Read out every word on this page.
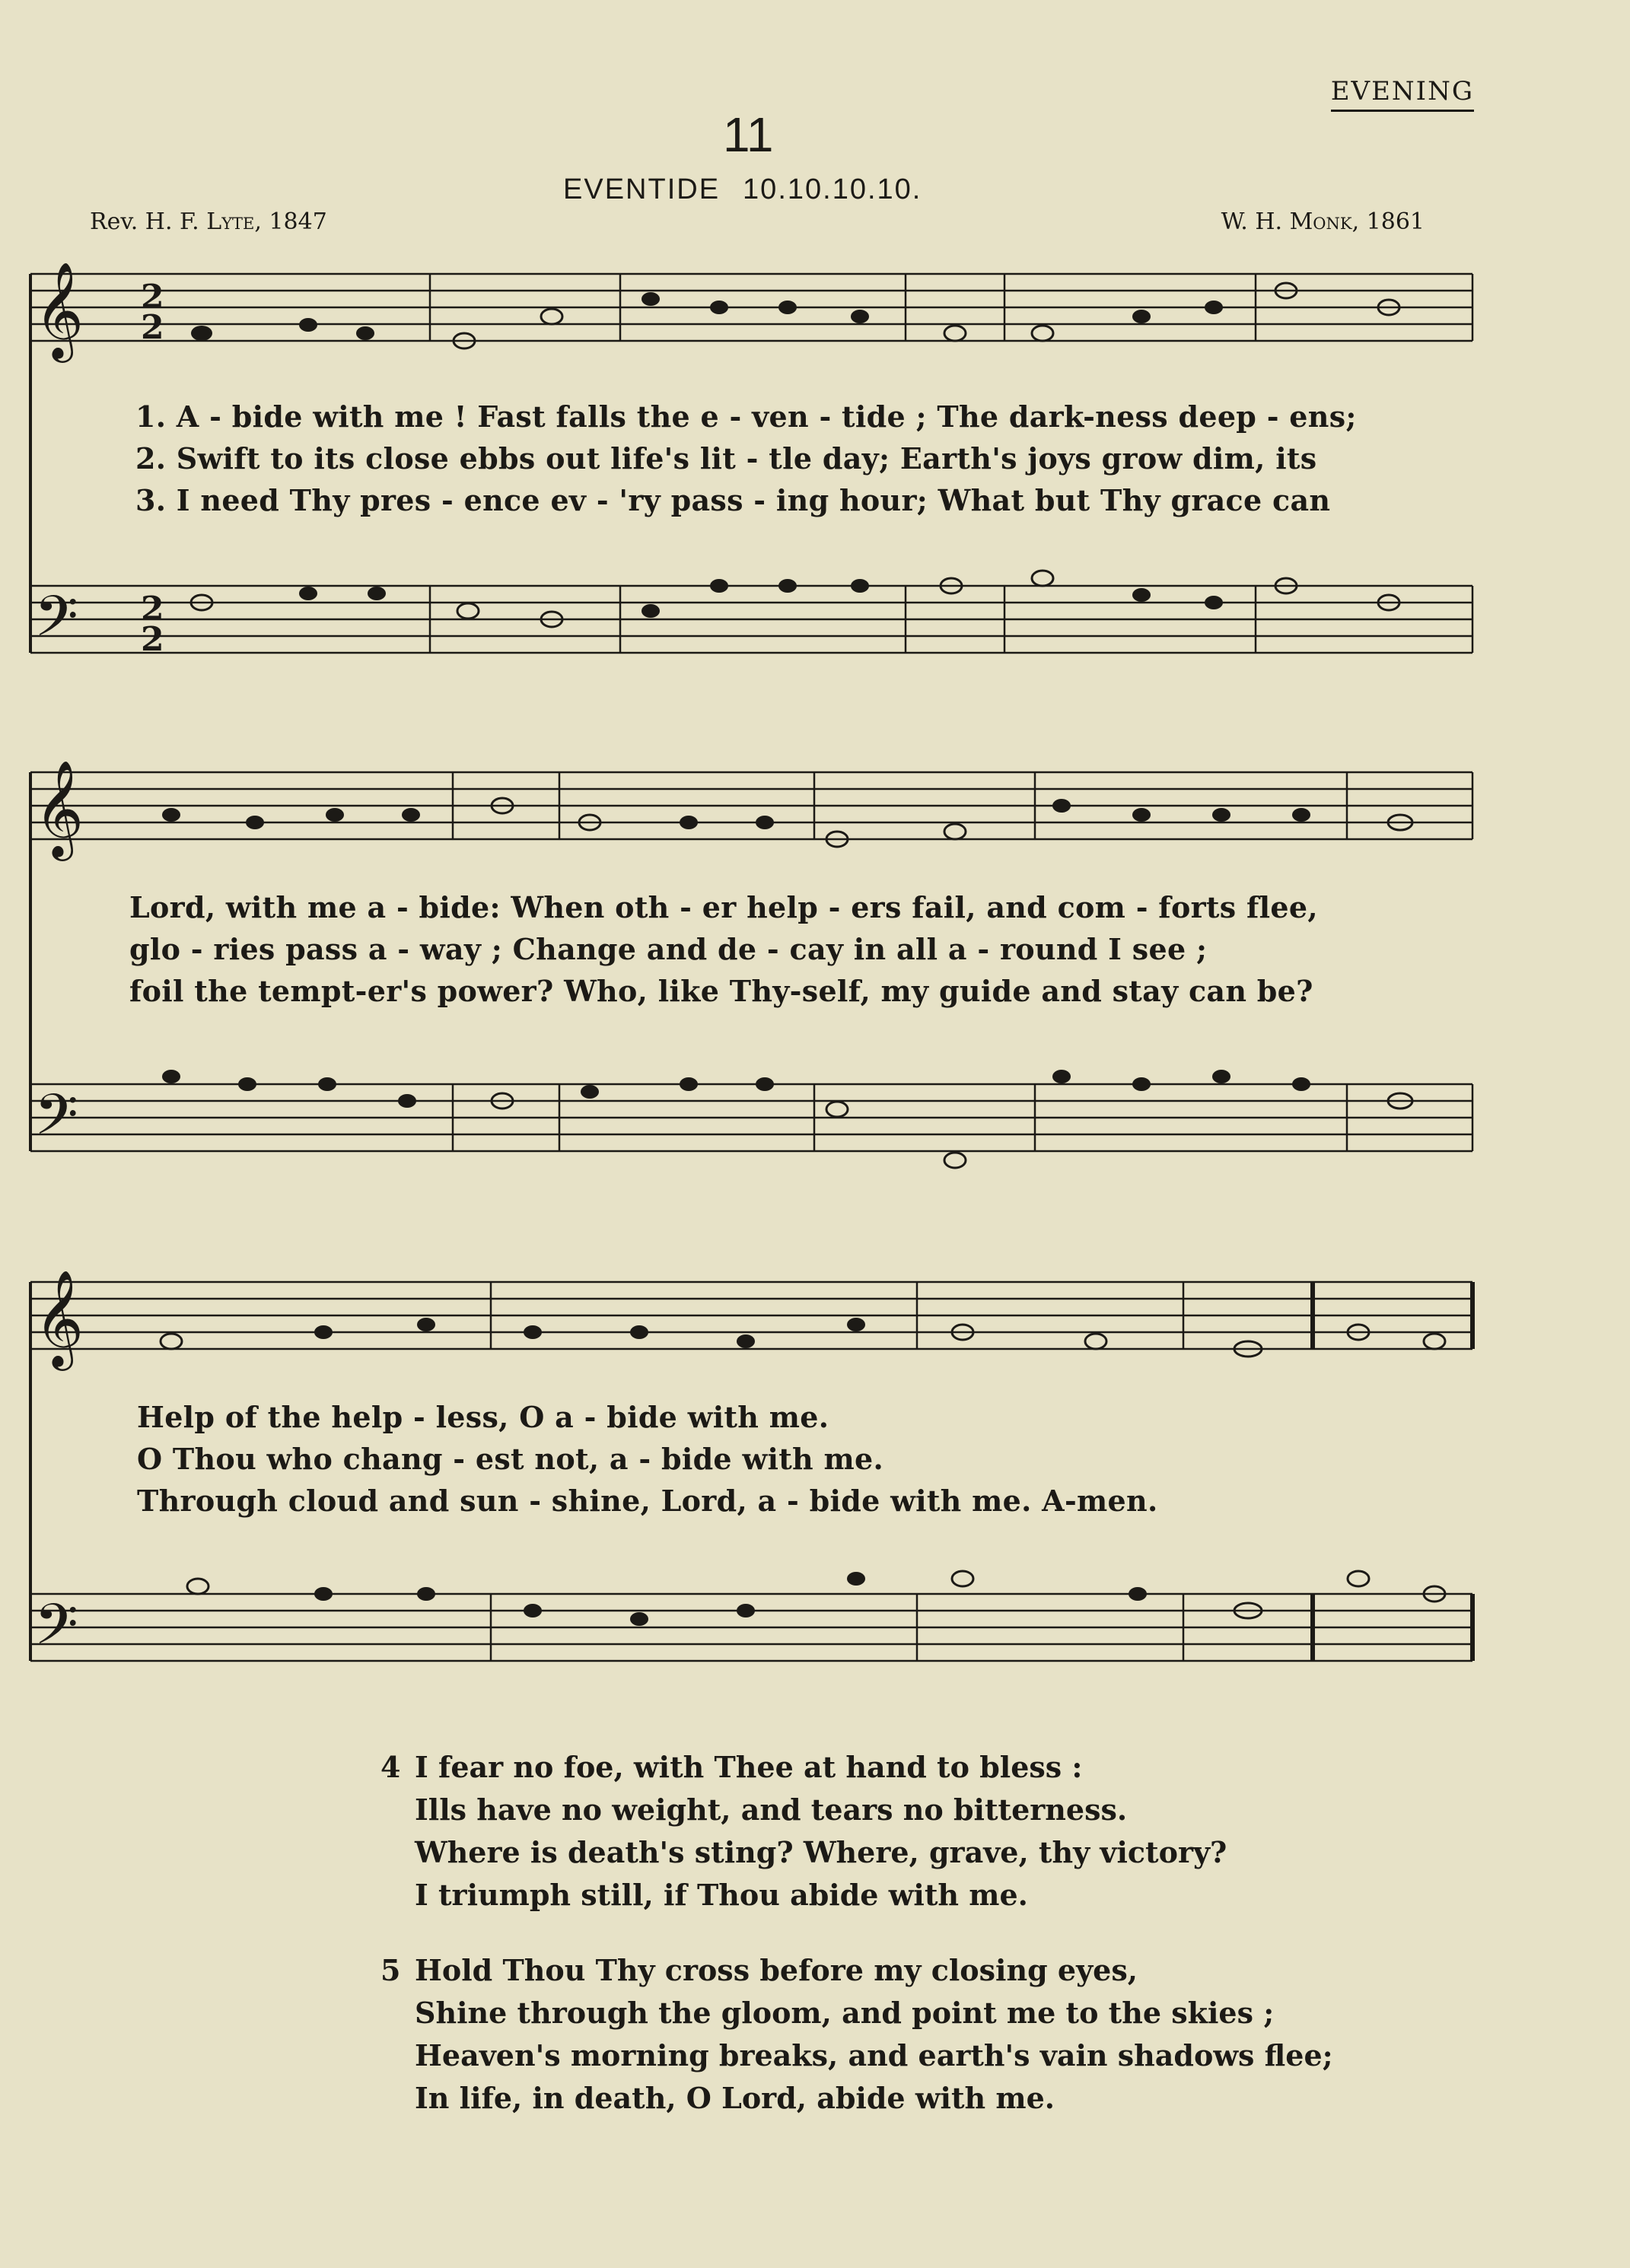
EVENING
11
EVENTIDE 10.10.10.10.
Rev. H. F. Lyte, 1847	W. H. Monk, 1861
𝄞
𝄢
2
2
2
2
1. A - bide with me ! Fast falls the e - ven - tide ; The dark-ness deep - ens;
2. Swift to its close ebbs out life's lit - tle day; Earth's joys grow dim, its
3. I need Thy pres - ence ev - 'ry pass - ing hour; What but Thy grace can
𝄞
𝄢
Lord, with me a - bide: When oth - er help - ers fail, and com - forts flee,
glo - ries pass a - way ; Change and de - cay in all a - round I see ;
foil the tempt-er's power? Who, like Thy-self, my guide and stay can be?
𝄞
𝄢
Help of the help - less, O a - bide with me.
O Thou who chang - est not, a - bide with me.
Through cloud and sun - shine, Lord, a - bide with me. A-men.
4 I fear no foe, with Thee at hand to bless :
Ills have no weight, and tears no bitterness.
Where is death's sting? Where, grave, thy victory?
I triumph still, if Thou abide with me.
5 Hold Thou Thy cross before my closing eyes,
Shine through the gloom, and point me to the skies ;
Heaven's morning breaks, and earth's vain shadows flee;
In life, in death, O Lord, abide with me.
